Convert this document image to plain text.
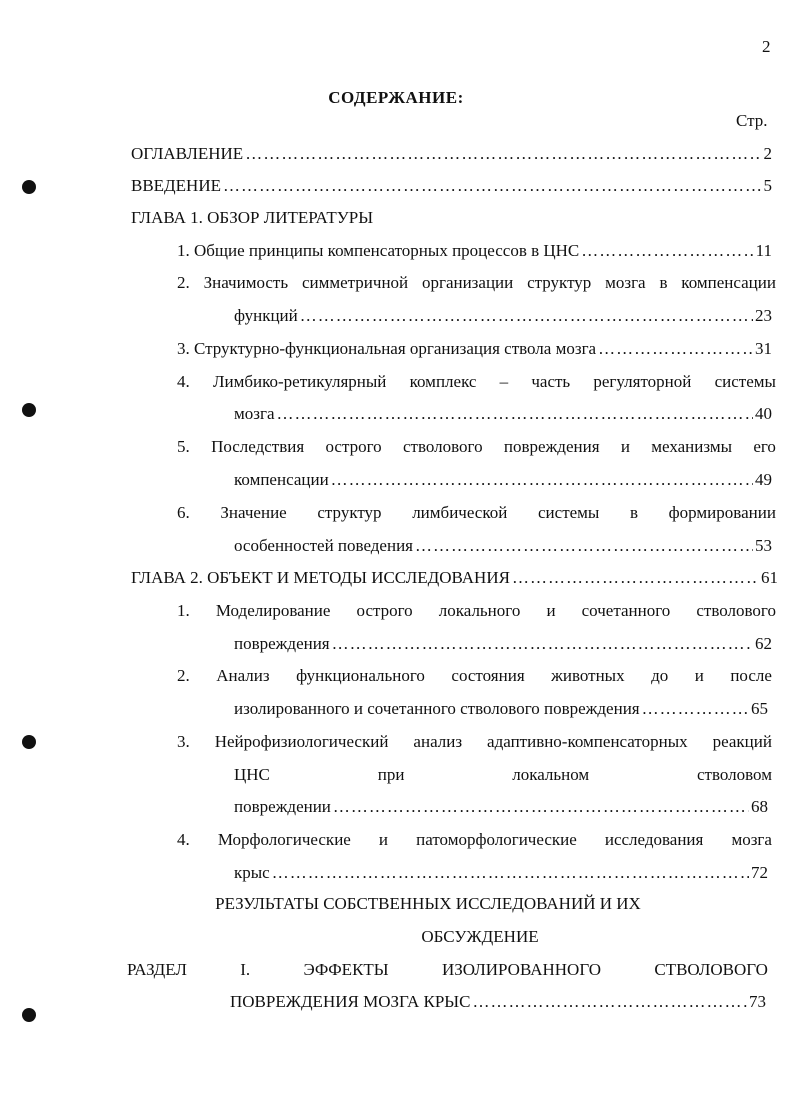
2
СОДЕРЖАНИЕ:
Стр.
ОГЛАВЛЕНИЕ ……………………………………………………………………………………………………………………………………………	2
ВВЕДЕНИЕ ……………………………………………………………………………………………………………………………………………	5
ГЛАВА 1. ОБЗОР ЛИТЕРАТУРЫ
1. Общие принципы компенсаторных процессов в ЦНС ……………………………………………………………………………………………………………………………………………	11
2. Значимость симметричной организации структур мозга в компенсации
функций ……………………………………………………………………………………………………………………………………………	23
3. Структурно-функциональная организация ствола мозга ……………………………………………………………………………………………………………………………………………	31
4. Лимбико-ретикулярный комплекс – часть регуляторной системы
мозга ……………………………………………………………………………………………………………………………………………	40
5. Последствия острого стволового повреждения и механизмы его
компенсации ……………………………………………………………………………………………………………………………………………	49
6. Значение структур лимбической системы в формировании
особенностей поведения ……………………………………………………………………………………………………………………………………………	53
ГЛАВА 2. ОБЪЕКТ И МЕТОДЫ ИССЛЕДОВАНИЯ ……………………………………………………………………………………………………………………………………………	61
1. Моделирование острого локального и сочетанного стволового
повреждения ……………………………………………………………………………………………………………………………………………	62
2. Анализ функционального состояния животных до и после
изолированного и сочетанного стволового повреждения ……………………………………………………………………………………………………………………………………………	65
3. Нейрофизиологический анализ адаптивно-компенсаторных реакций
ЦНС	при	локальном	стволовом
повреждении ……………………………………………………………………………………………………………………………………………	68
4. Морфологические и патоморфологические исследования мозга
крыс ……………………………………………………………………………………………………………………………………………	72
РЕЗУЛЬТАТЫ СОБСТВЕННЫХ ИССЛЕДОВАНИЙ И ИХ
ОБСУЖДЕНИЕ
РАЗДЕЛ	I.	ЭФФЕКТЫ	ИЗОЛИРОВАННОГО	СТВОЛОВОГО
ПОВРЕЖДЕНИЯ МОЗГА КРЫС ……………………………………………………………………………………………………………………………………………	73
